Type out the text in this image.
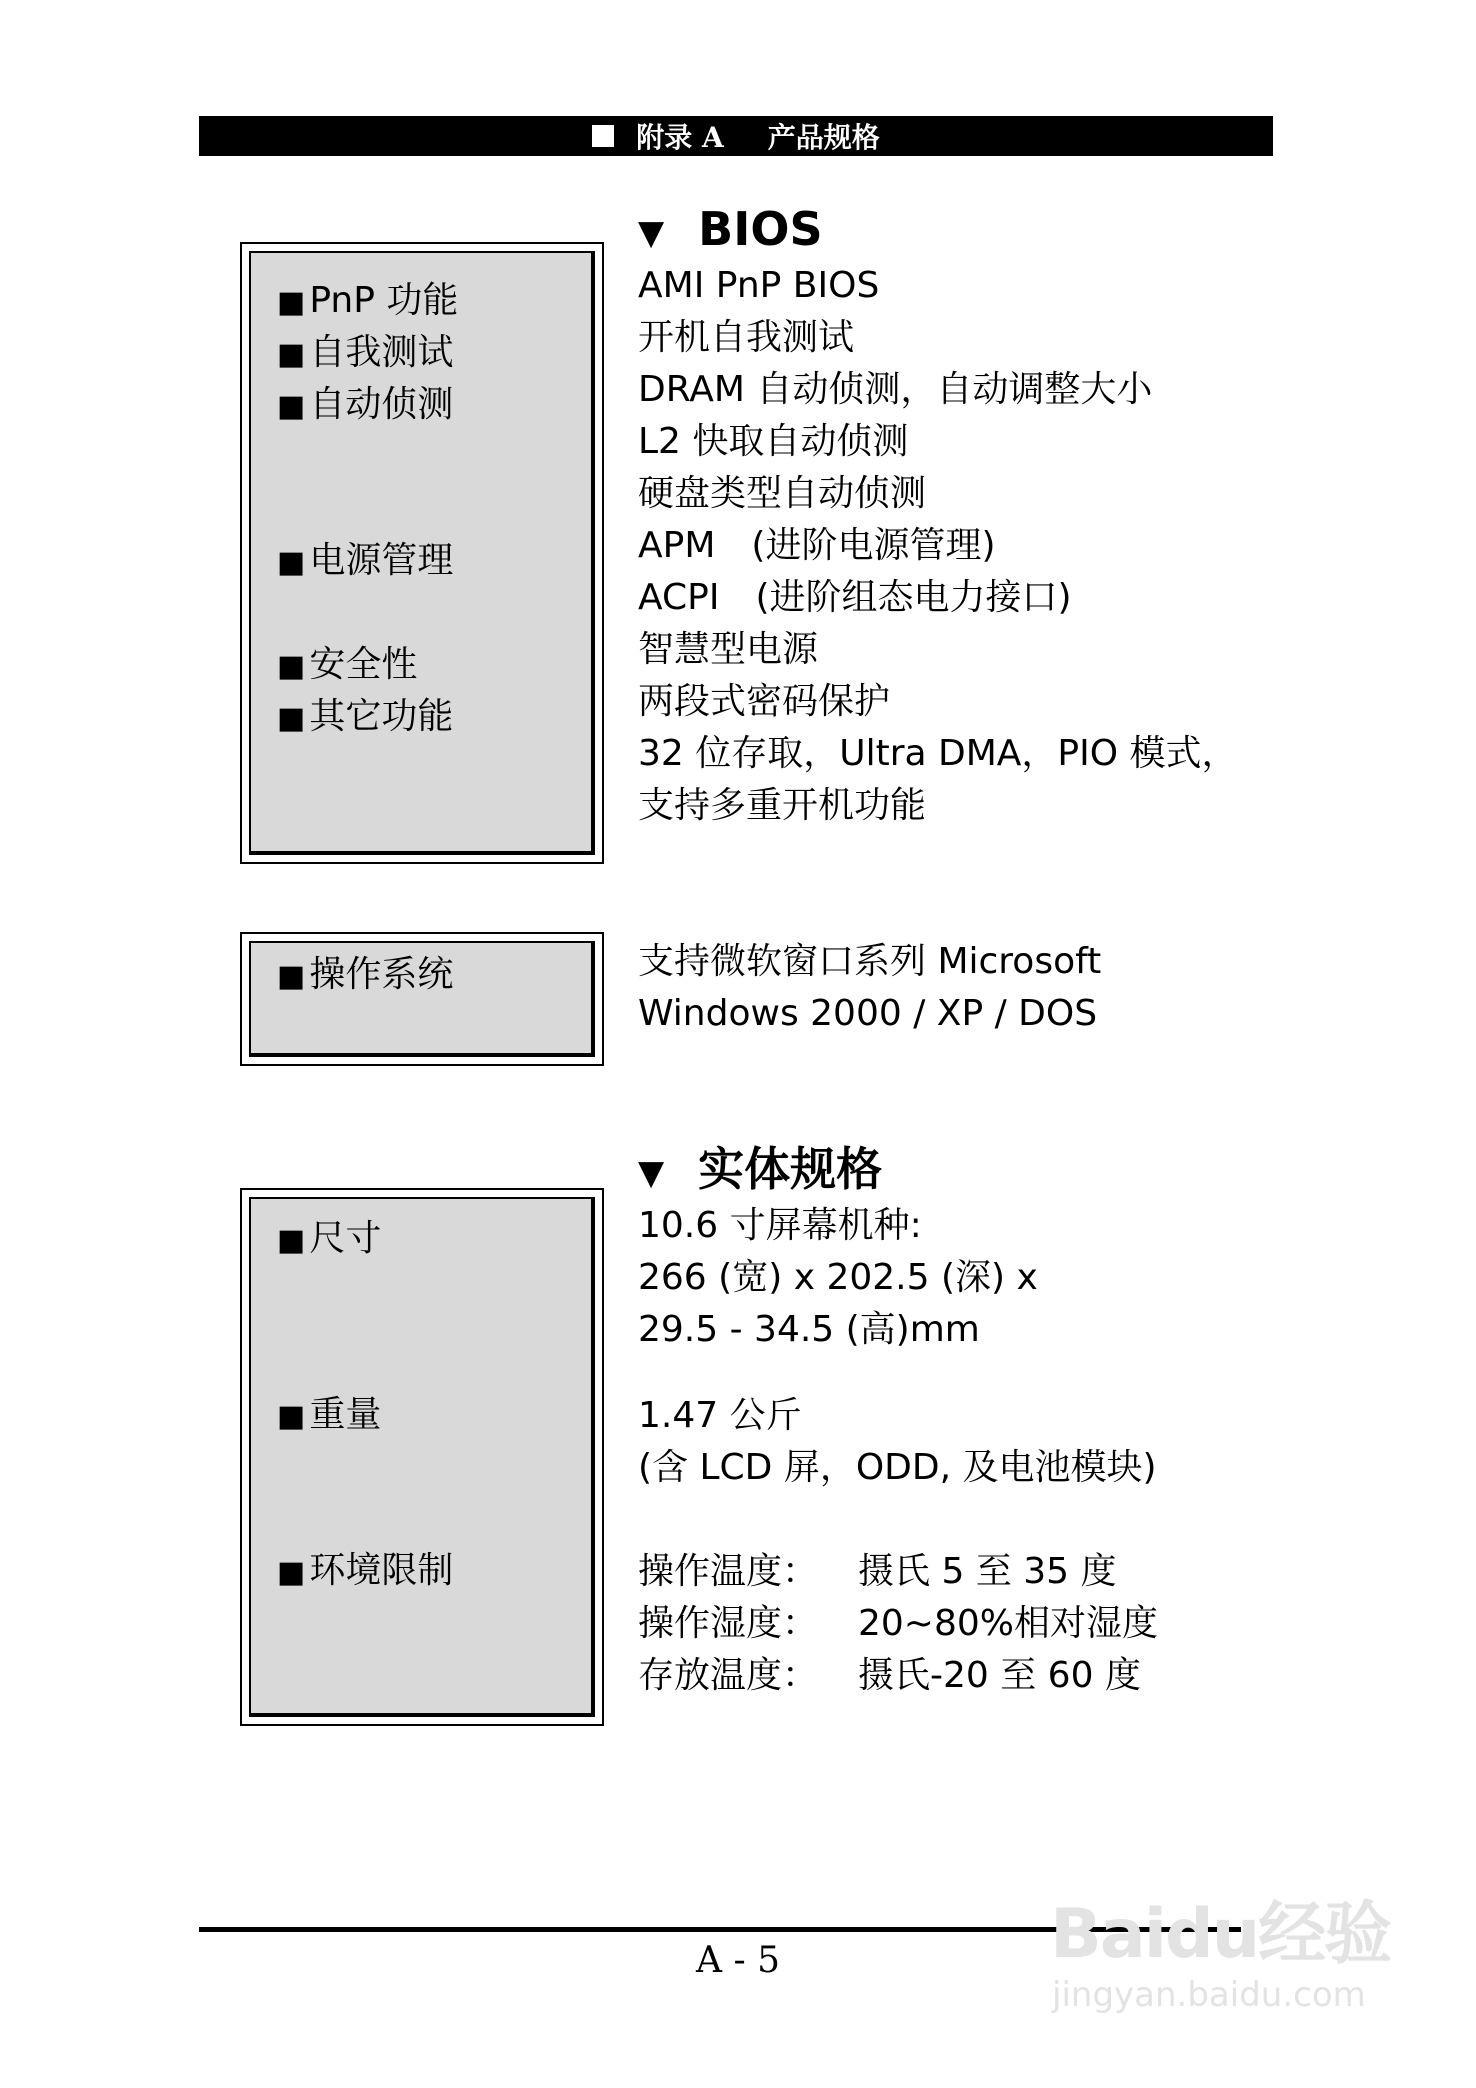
附录 A 产品规格
▼ BIOS
■ PnP 功能
■ 自我测试
■ 自动侦测
■ 电源管理
■ 安全性
■ 其它功能
AMI PnP BIOS
开机自我测试
DRAM 自动侦测，自动调整大小
L2 快取自动侦测
硬盘类型自动侦测
APM　(进阶电源管理)
ACPI　(进阶组态电力接口)
智慧型电源
两段式密码保护
32 位存取，Ultra DMA，PIO 模式，
支持多重开机功能
■ 操作系统	支持微软窗口系列 Microsoft
Windows 2000 / XP / DOS
▼ 实体规格
■ 尺寸
■ 重量
■ 环境限制
10.6 寸屏幕机种:
266 (宽) x 202.5 (深) x
29.5 - 34.5 (高)mm
1.47 公斤
(含 LCD 屏，ODD, 及电池模块)
操作温度： 摄氏 5 至 35 度
操作湿度： 20~80%相对湿度
存放温度： 摄氏-20 至 60 度
A - 5	Baidu经验
jingyan.baidu.com
